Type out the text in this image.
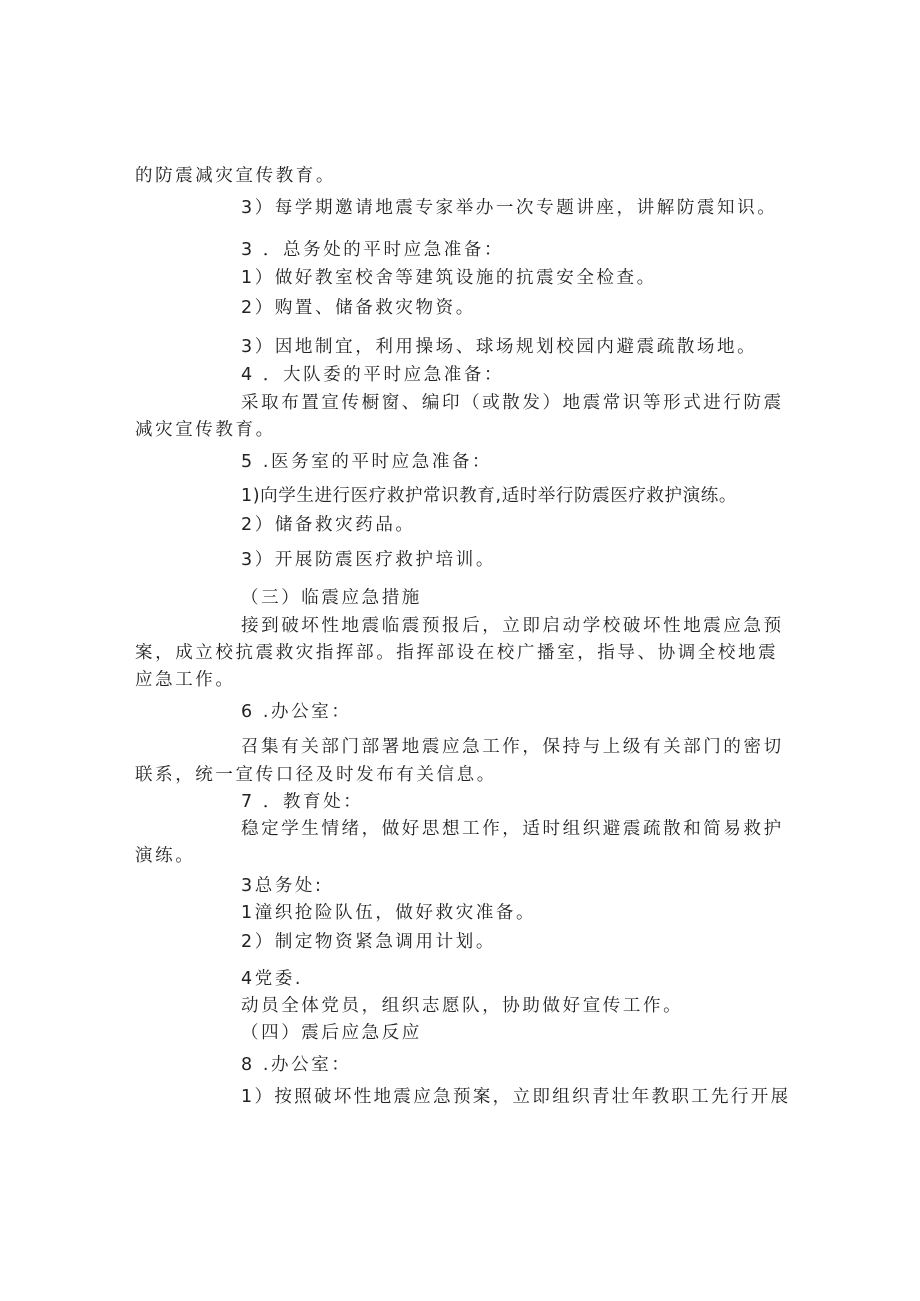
的防震减灾宣传教育。
3）每学期邀请地震专家举办一次专题讲座，讲解防震知识。
3 ．总务处的平时应急准备：
1）做好教室校舍等建筑设施的抗震安全检查。
2）购置、储备救灾物资。
3）因地制宜，利用操场、球场规划校园内避震疏散场地。
4 ．大队委的平时应急准备：
采取布置宣传橱窗、编印（或散发）地震常识等形式进行防震
减灾宣传教育。
5 .医务室的平时应急准备：
1)向学生进行医疗救护常识教育,适时举行防震医疗救护演练。
2）储备救灾药品。
3）开展防震医疗救护培训。
（三）临震应急措施
接到破坏性地震临震预报后，立即启动学校破坏性地震应急预
案，成立校抗震救灾指挥部。指挥部设在校广播室，指导、协调全校地震
应急工作。
6 .办公室：
召集有关部门部署地震应急工作，保持与上级有关部门的密切
联系，统一宣传口径及时发布有关信息。
7 ．教育处：
稳定学生情绪，做好思想工作，适时组织避震疏散和简易救护
演练。
3总务处:
1潼织抢险队伍，做好救灾准备。
2）制定物资紧急调用计划。
4党委.
动员全体党员，组织志愿队，协助做好宣传工作。
（四）震后应急反应
8 .办公室：
1）按照破坏性地震应急预案，立即组织青壮年教职工先行开展
